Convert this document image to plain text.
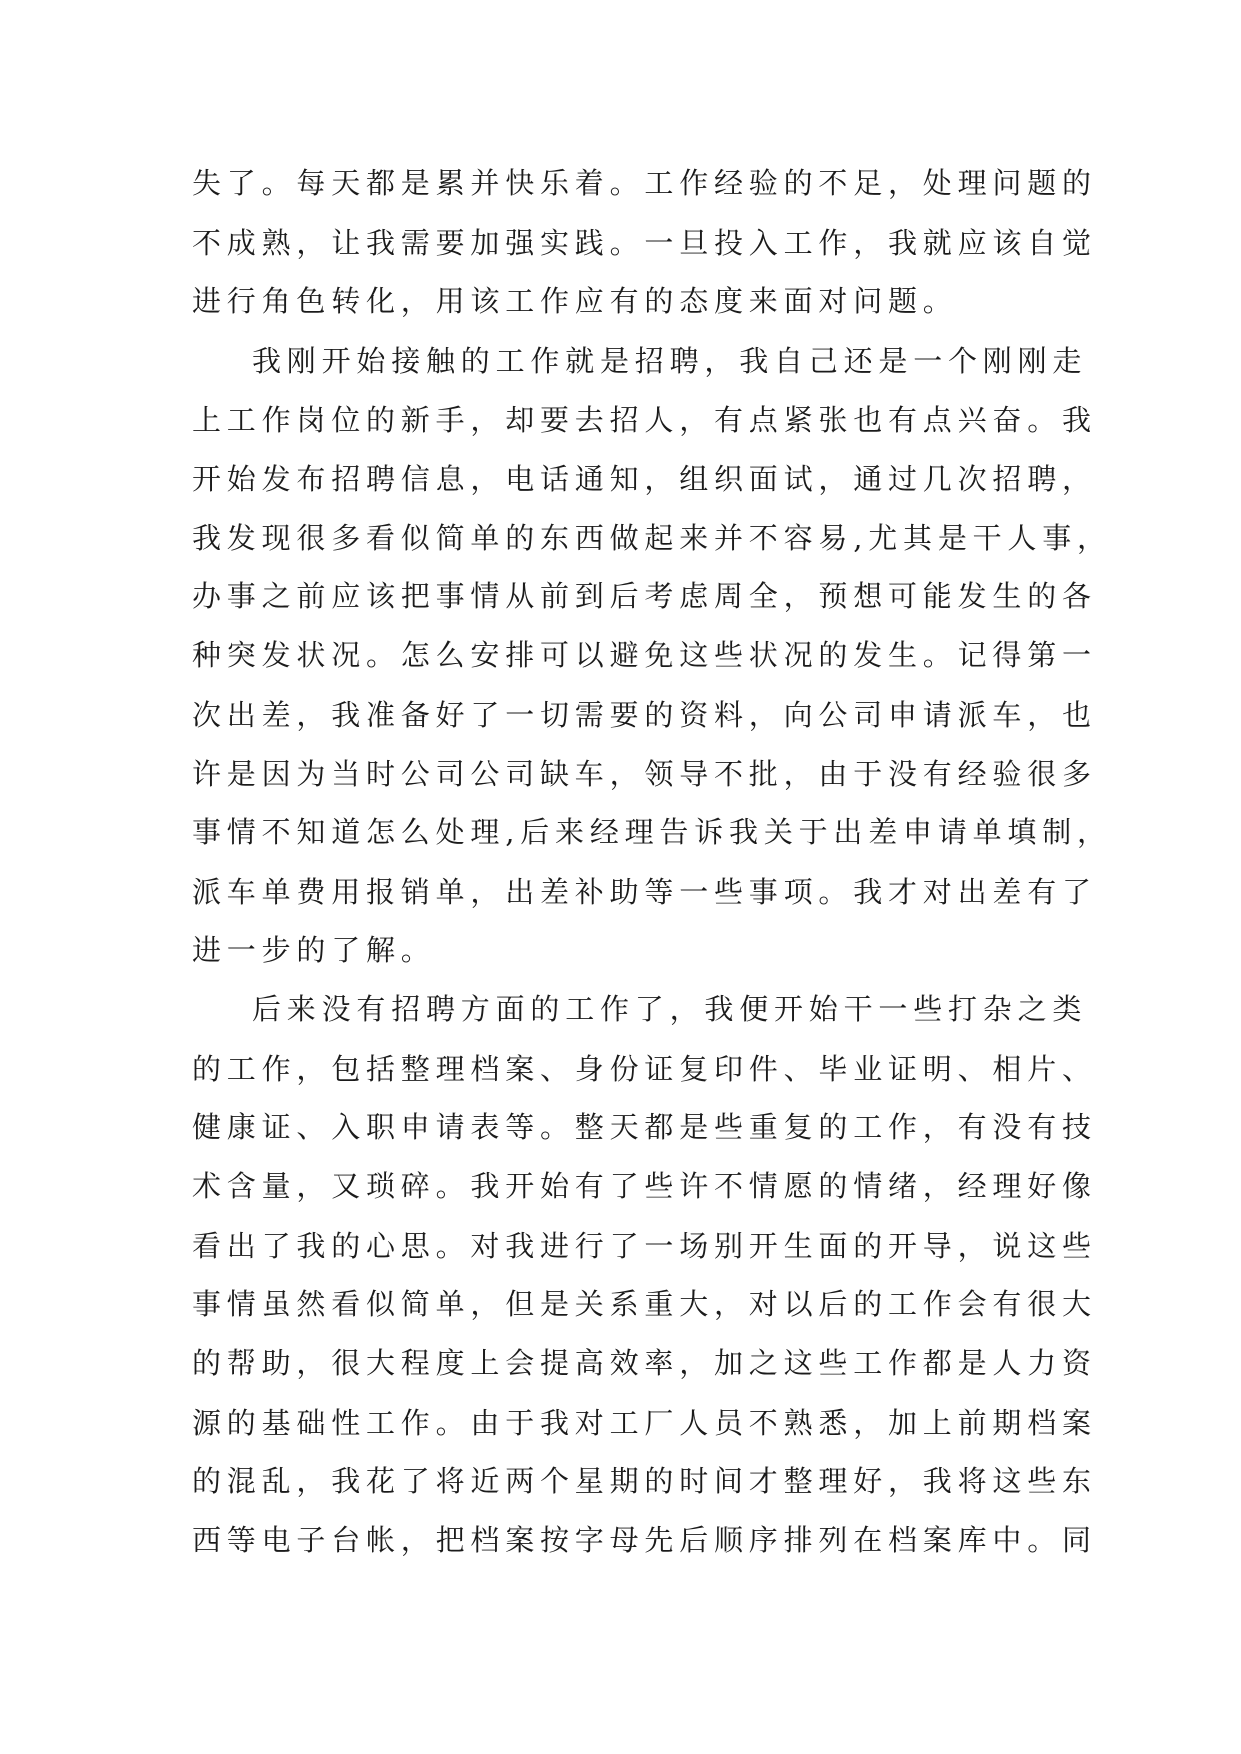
失了。每天都是累并快乐着。工作经验的不足，处理问题的
不成熟，让我需要加强实践。一旦投入工作，我就应该自觉
进行角色转化，用该工作应有的态度来面对问题。
我刚开始接触的工作就是招聘，我自己还是一个刚刚走
上工作岗位的新手，却要去招人，有点紧张也有点兴奋。我
开始发布招聘信息，电话通知，组织面试，通过几次招聘，
我发现很多看似简单的东西做起来并不容易,尤其是干人事，
办事之前应该把事情从前到后考虑周全，预想可能发生的各
种突发状况。怎么安排可以避免这些状况的发生。记得第一
次出差，我准备好了一切需要的资料，向公司申请派车，也
许是因为当时公司公司缺车，领导不批，由于没有经验很多
事情不知道怎么处理,后来经理告诉我关于出差申请单填制，
派车单费用报销单，出差补助等一些事项。我才对出差有了
进一步的了解。
后来没有招聘方面的工作了，我便开始干一些打杂之类
的工作，包括整理档案、身份证复印件、毕业证明、相片、
健康证、入职申请表等。整天都是些重复的工作，有没有技
术含量，又琐碎。我开始有了些许不情愿的情绪，经理好像
看出了我的心思。对我进行了一场别开生面的开导，说这些
事情虽然看似简单，但是关系重大，对以后的工作会有很大
的帮助，很大程度上会提高效率，加之这些工作都是人力资
源的基础性工作。由于我对工厂人员不熟悉，加上前期档案
的混乱，我花了将近两个星期的时间才整理好，我将这些东
西等电子台帐，把档案按字母先后顺序排列在档案库中。同
